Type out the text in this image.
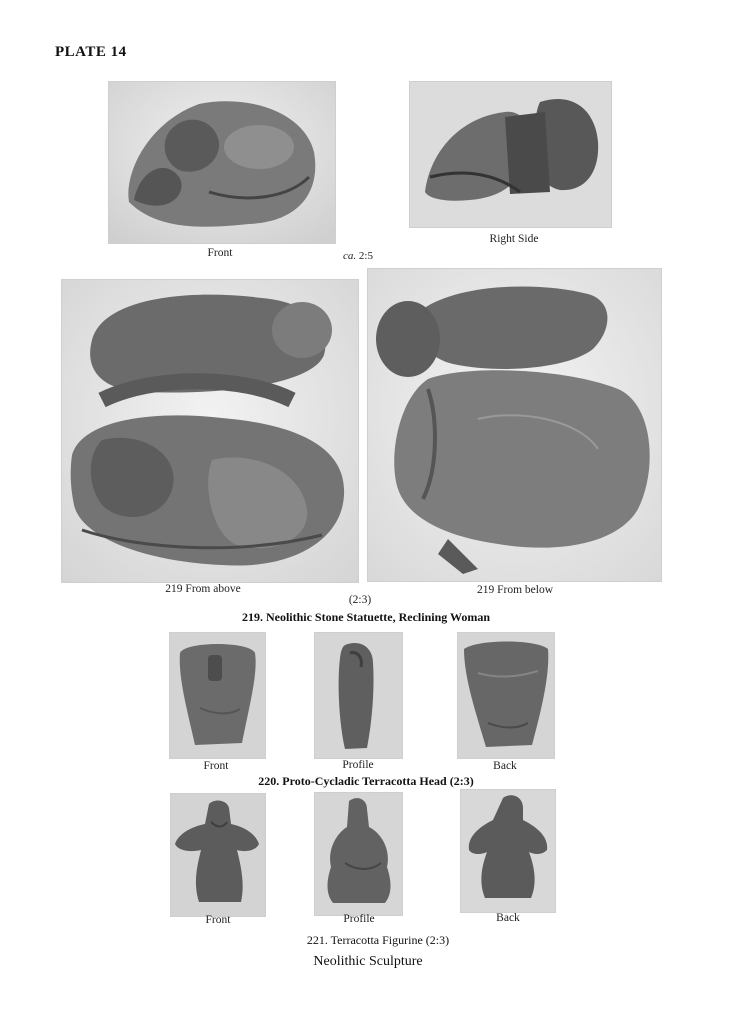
PLATE 14
Front
Right Side
ca. 2:5
219 From above	219 From below
(2:3)
219. Neolithic Stone Statuette, Reclining Woman
Front	Profile	Back
220. Proto-Cycladic Terracotta Head (2:3)
Front	Profile	Back
221. Terracotta Figurine (2:3)
Neolithic Sculpture
